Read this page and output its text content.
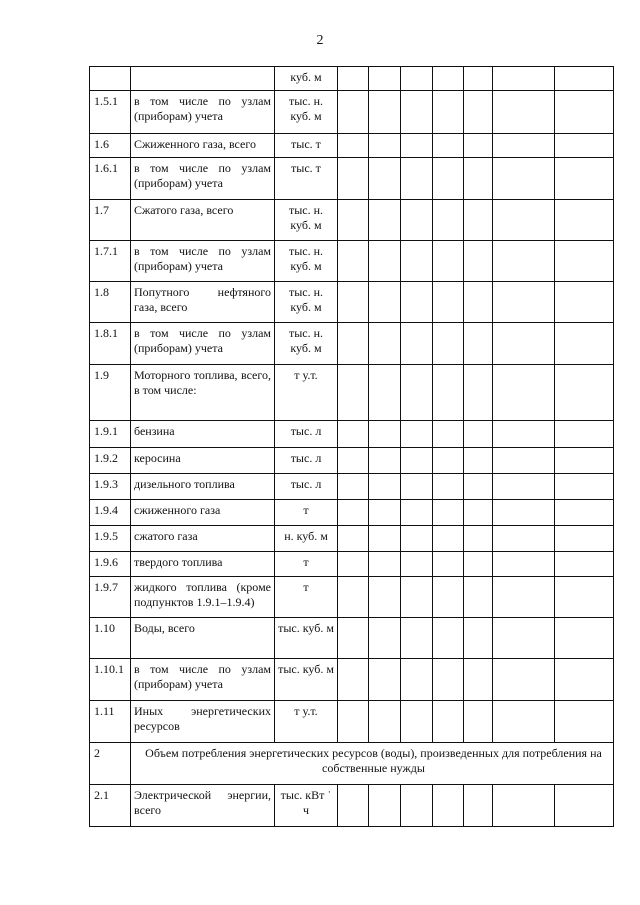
2
		куб. м							
1.5.1	в том числе по узлам (приборам) учета	тыс. н. куб. м							
1.6	Сжиженного газа, всего	тыс. т							
1.6.1	в том числе по узлам (приборам) учета	тыс. т							
1.7	Сжатого газа, всего	тыс. н. куб. м							
1.7.1	в том числе по узлам (приборам) учета	тыс. н. куб. м							
1.8	Попутного нефтяного газа, всего	тыс. н. куб. м							
1.8.1	в том числе по узлам (приборам) учета	тыс. н. куб. м							
1.9	Моторного топлива, всего, в том числе:	т у.т.							
1.9.1	бензина	тыс. л							
1.9.2	керосина	тыс. л							
1.9.3	дизельного топлива	тыс. л							
1.9.4	сжиженного газа	т							
1.9.5	сжатого газа	н. куб. м							
1.9.6	твердого топлива	т							
1.9.7	жидкого топлива (кроме подпунктов 1.9.1–1.9.4)	т							
1.10	Воды, всего	тыс. куб. м							
1.10.1	в том числе по узлам (приборам) учета	тыс. куб. м							
1.11	Иных энергетических ресурсов	т у.т.							
2	Объем потребления энергетических ресурсов (воды), произведенных для потребления на собственные нужды								
2.1	Электрической энергии, всего	тыс. кВт ˙ ч							
